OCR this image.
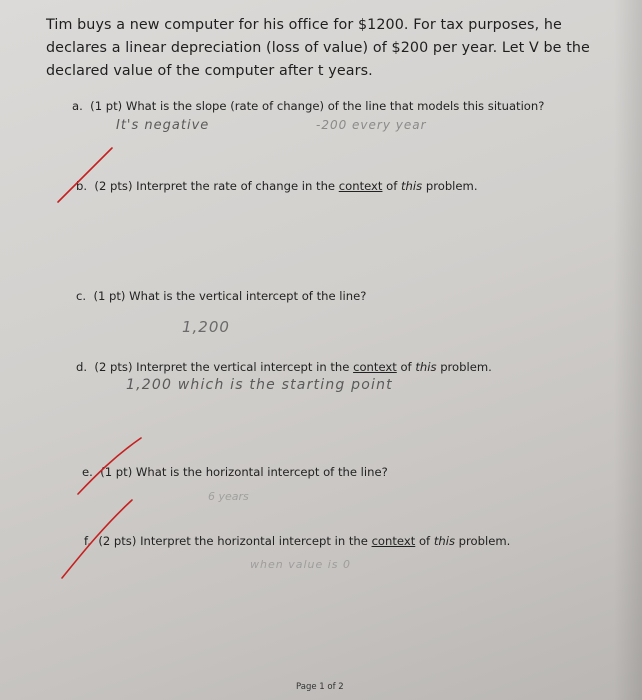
Tim buys a new computer for his office for $1200. For tax purposes, he
declares a linear depreciation (loss of value) of $200 per year. Let V be the
declared value of the computer after t years.
a. (1 pt) What is the slope (rate of change) of the line that models this situation?
It's negative	-200 every year
b. (2 pts) Interpret the rate of change in the context of this problem.
c. (1 pt) What is the vertical intercept of the line?
1,200
d. (2 pts) Interpret the vertical intercept in the context of this problem.
1,200 which is the starting point
e. (1 pt) What is the horizontal intercept of the line?
6 years
f. (2 pts) Interpret the horizontal intercept in the context of this problem.
when value is 0
Page 1 of 2
